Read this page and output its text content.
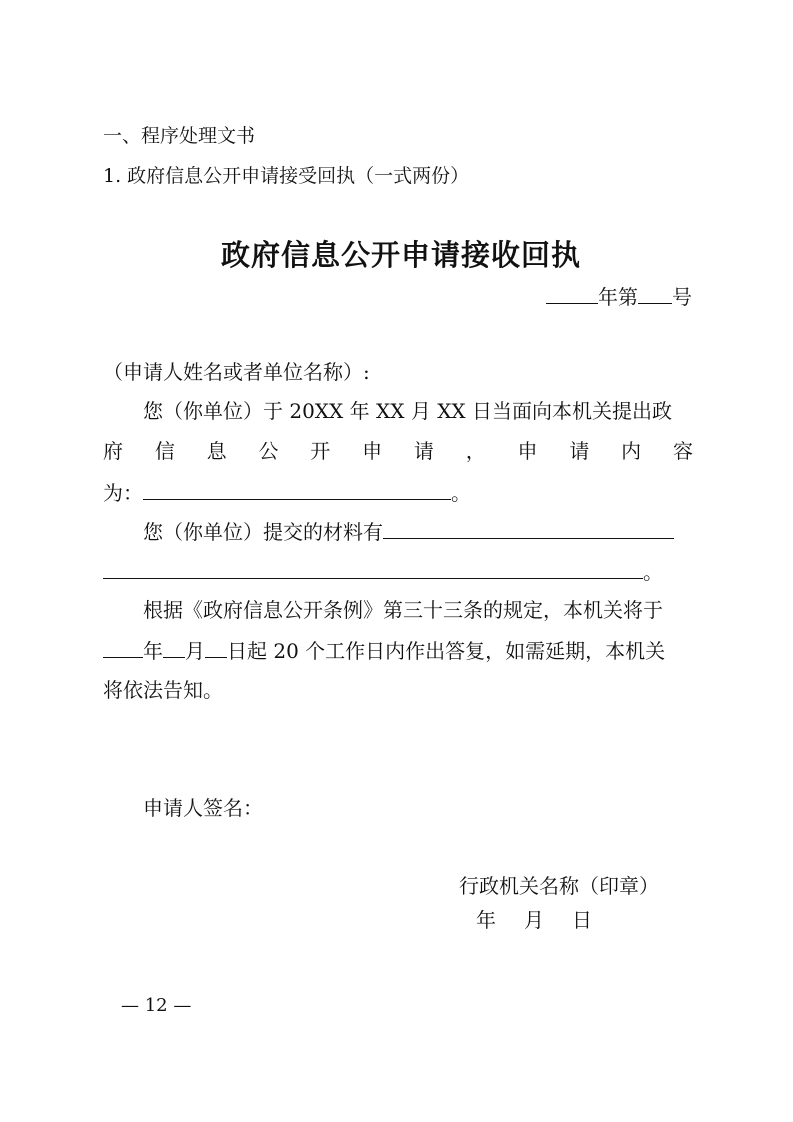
一、程序处理文书
1. 政府信息公开申请接受回执（一式两份）
政府信息公开申请接收回执
年第 号
（申请人姓名或者单位名称）:
您（你单位）于 20XX 年 XX 月 XX 日当面向本机关提出政
府 信 息 公 开 申 请 ， 申 请 内 容
为：	。
您（你单位）提交的材料有
。
根据《政府信息公开条例》第三十三条的规定，本机关将于
年 月 日起 20 个工作日内作出答复，如需延期，本机关
将依法告知。
申请人签名：
行政机关名称（印章）
年　月　日
— 12 —
